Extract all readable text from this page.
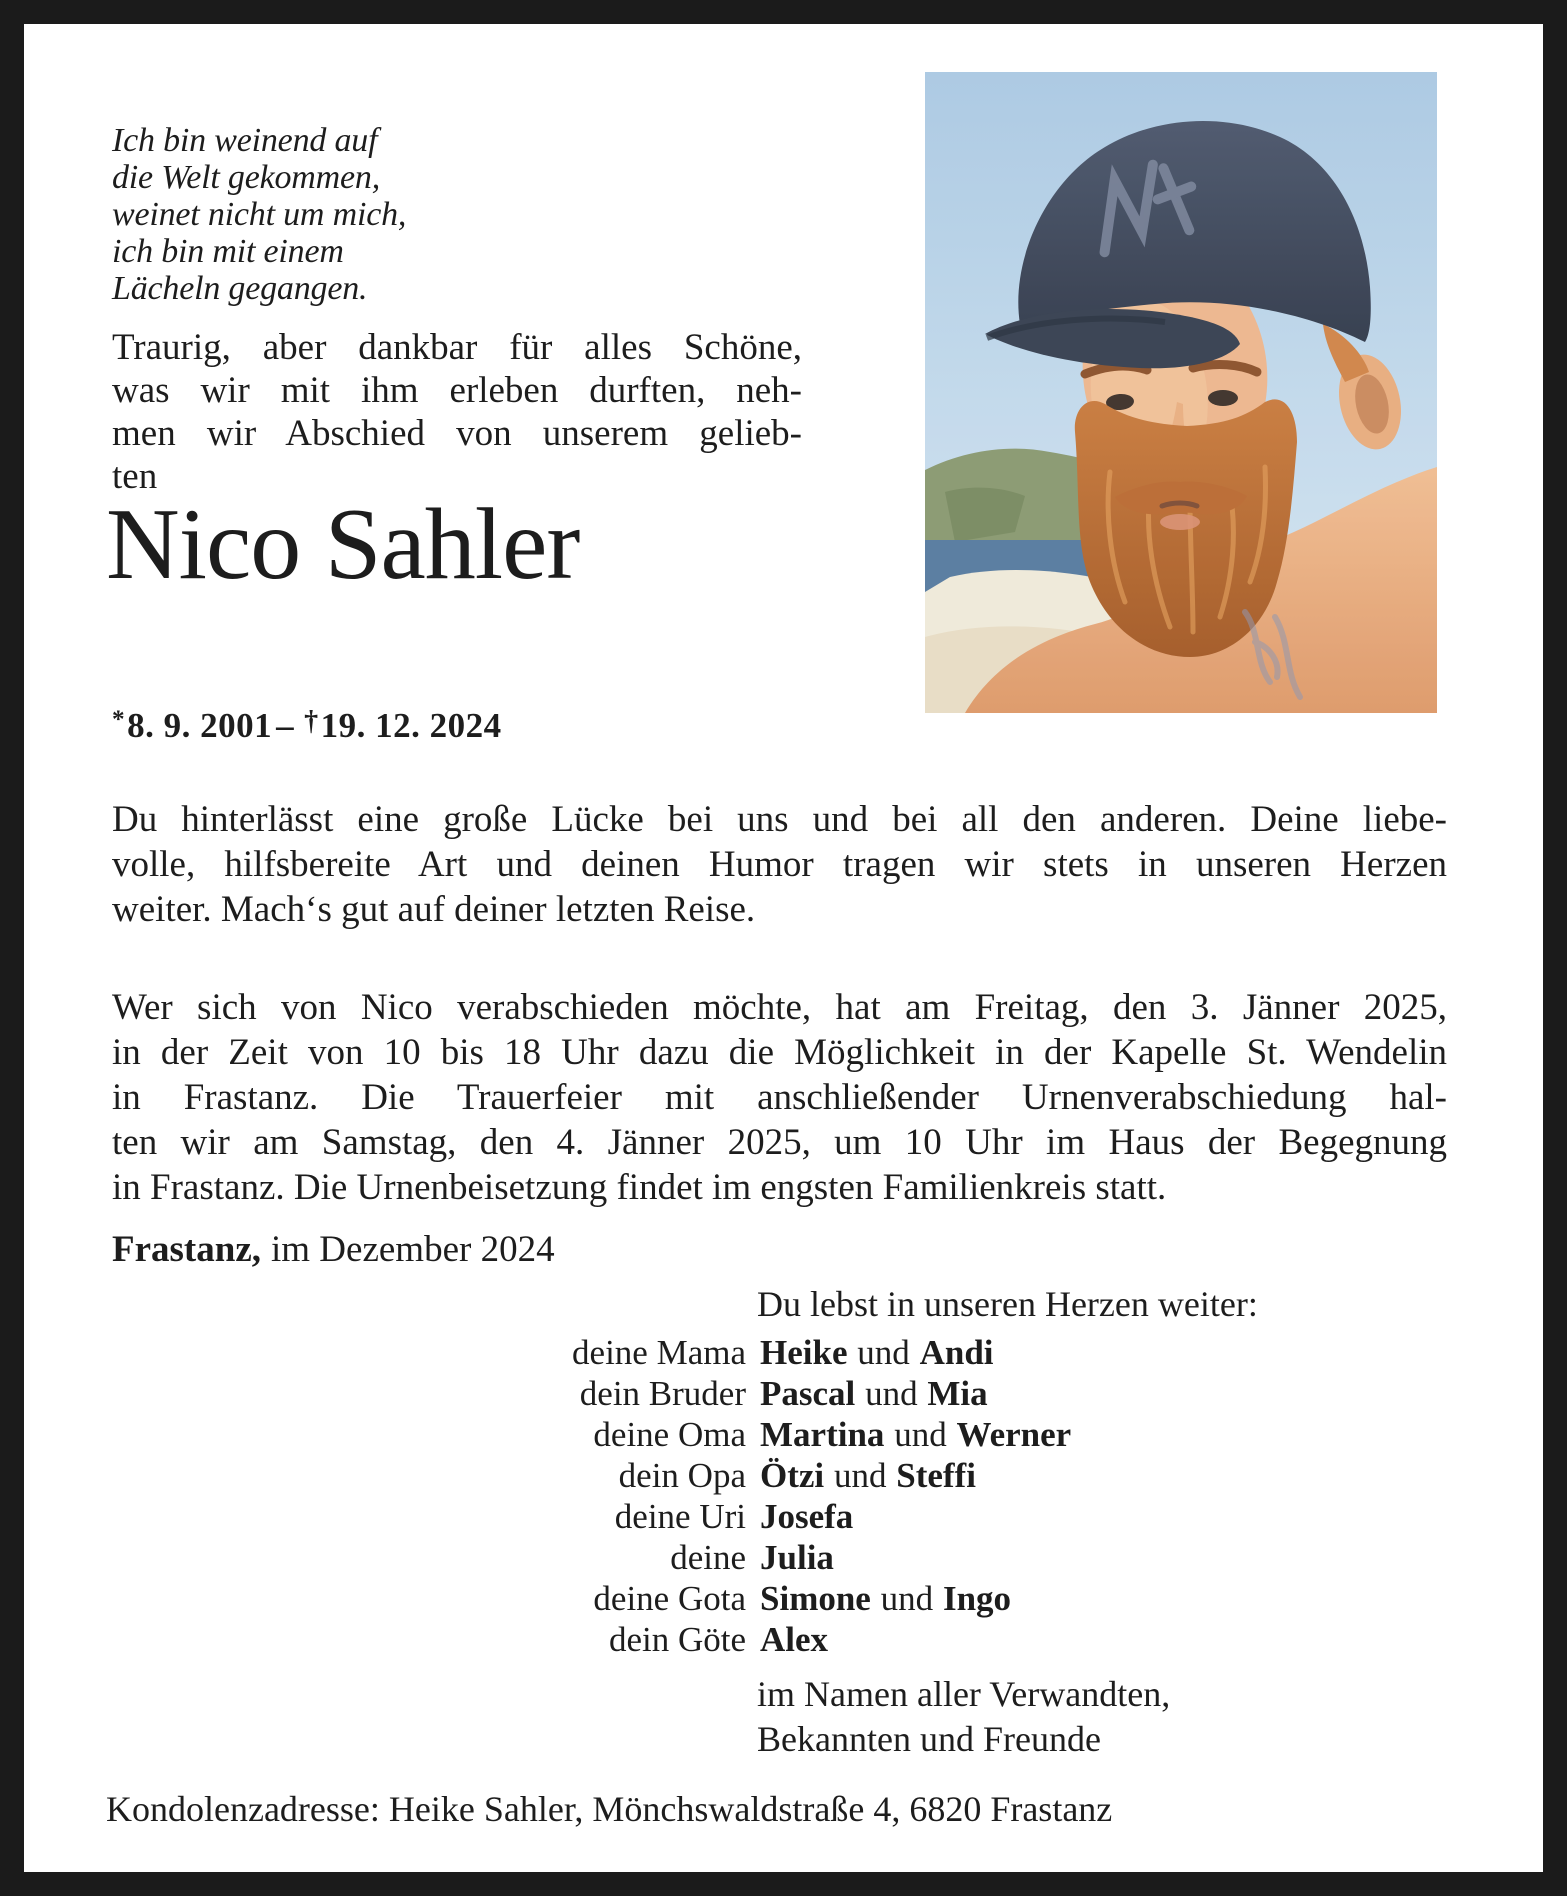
Ich bin weinend auf
die Welt gekommen,
weinet nicht um mich,
ich bin mit einem
Lächeln gegangen.
Traurig, aber dankbar für alles Schöne,
was wir mit ihm erleben durften, neh-
men wir Abschied von unserem gelieb-
ten
Nico Sahler
*8. 9. 2001 – †19. 12. 2024
Du hinterlässt eine große Lücke bei uns und bei all den anderen. Deine liebe-
volle, hilfsbereite Art und deinen Humor tragen wir stets in unseren Herzen
weiter. Mach‘s gut auf deiner letzten Reise.
Wer sich von Nico verabschieden möchte, hat am Freitag, den 3. Jänner 2025,
in der Zeit von 10 bis 18 Uhr dazu die Möglichkeit in der Kapelle St. Wendelin
in Frastanz. Die Trauerfeier mit anschließender Urnenverabschiedung hal-
ten wir am Samstag, den 4. Jänner 2025, um 10 Uhr im Haus der Begegnung
in Frastanz. Die Urnenbeisetzung findet im engsten Familienkreis statt.
Frastanz, im Dezember 2024
Du lebst in unseren Herzen weiter:
deine Mama Heike und Andi
dein Bruder Pascal und Mia
deine Oma Martina und Werner
dein Opa Ötzi und Steffi
deine Uri Josefa
deine Julia
deine Gota Simone und Ingo
dein Göte Alex
im Namen aller Verwandten,
Bekannten und Freunde
Kondolenzadresse: Heike Sahler, Mönchswaldstraße 4, 6820 Frastanz
